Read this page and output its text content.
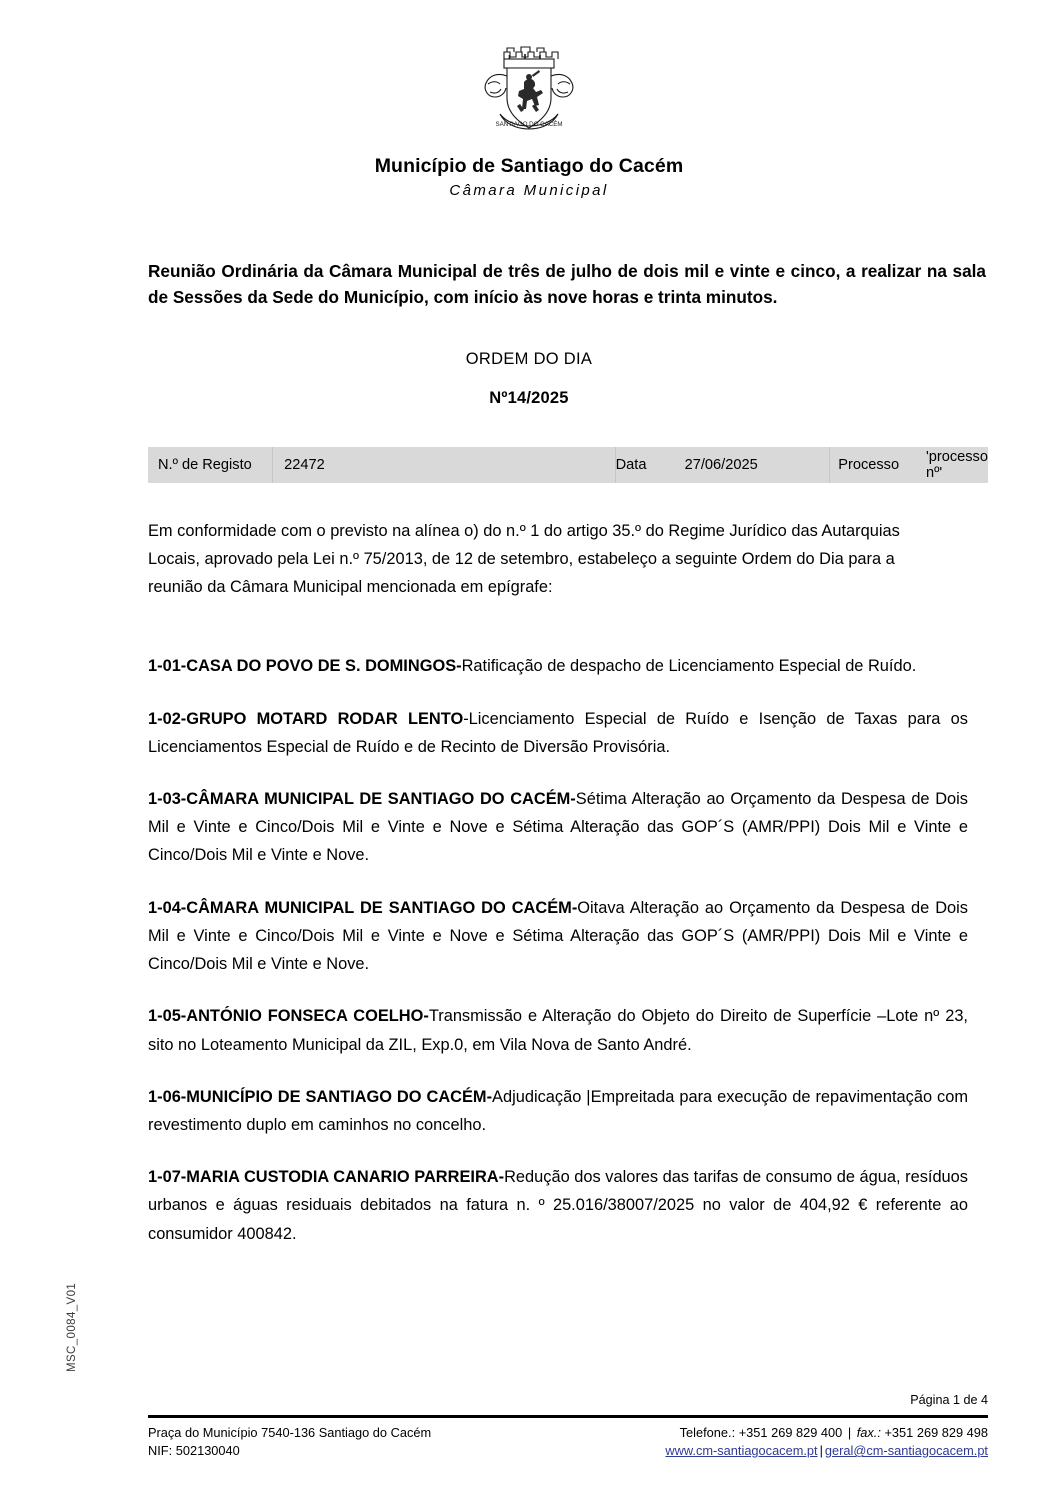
SANTIAGO DO CACÉM
Município de Santiago do Cacém
Câmara Municipal
Reunião Ordinária da Câmara Municipal de três de julho de dois mil e vinte e cinco, a realizar na sala de Sessões da Sede do Município, com início às nove horas e trinta minutos.
ORDEM DO DIA
Nº14/2025
N.º de Registo	22472	Data	27/06/2025	Processo	'processo nº'
Em conformidade com o previsto na alínea o) do n.º 1 do artigo 35.º do Regime Jurídico das Autarquias Locais, aprovado pela Lei n.º 75/2013, de 12 de setembro, estabeleço a seguinte Ordem do Dia para a reunião da Câmara Municipal mencionada em epígrafe:

1-01-CASA DO POVO DE S. DOMINGOS-Ratificação de despacho de Licenciamento Especial de Ruído.

1-02-GRUPO MOTARD RODAR LENTO-Licenciamento Especial de Ruído e Isenção de Taxas para os Licenciamentos Especial de Ruído e de Recinto de Diversão Provisória.

1-03-CÂMARA MUNICIPAL DE SANTIAGO DO CACÉM-Sétima Alteração ao Orçamento da Despesa de Dois Mil e Vinte e Cinco/Dois Mil e Vinte e Nove e Sétima Alteração das GOP´S (AMR/PPI) Dois Mil e Vinte e Cinco/Dois Mil e Vinte e Nove.

1-04-CÂMARA MUNICIPAL DE SANTIAGO DO CACÉM-Oitava Alteração ao Orçamento da Despesa de Dois Mil e Vinte e Cinco/Dois Mil e Vinte e Nove e Sétima Alteração das GOP´S (AMR/PPI) Dois Mil e Vinte e Cinco/Dois Mil e Vinte e Nove.

1-05-ANTÓNIO FONSECA COELHO-Transmissão e Alteração do Objeto do Direito de Superfície –Lote nº 23, sito no Loteamento Municipal da ZIL, Exp.0, em Vila Nova de Santo André.

1-06-MUNICÍPIO DE SANTIAGO DO CACÉM-Adjudicação |Empreitada para execução de repavimentação com revestimento duplo em caminhos no concelho.

1-07-MARIA CUSTODIA CANARIO PARREIRA-Redução dos valores das tarifas de consumo de água, resíduos urbanos e águas residuais debitados na fatura n. º 25.016/38007/2025 no valor de 404,92 € referente ao consumidor 400842.

MSC_0084_V01
Página 1 de 4
Praça do Município 7540-136 Santiago do Cacém
NIF: 502130040
Telefone.: +351 269 829 400 | fax.: +351 269 829 498
www.cm-santiagocacem.pt | geral@cm-santiagocacem.pt
